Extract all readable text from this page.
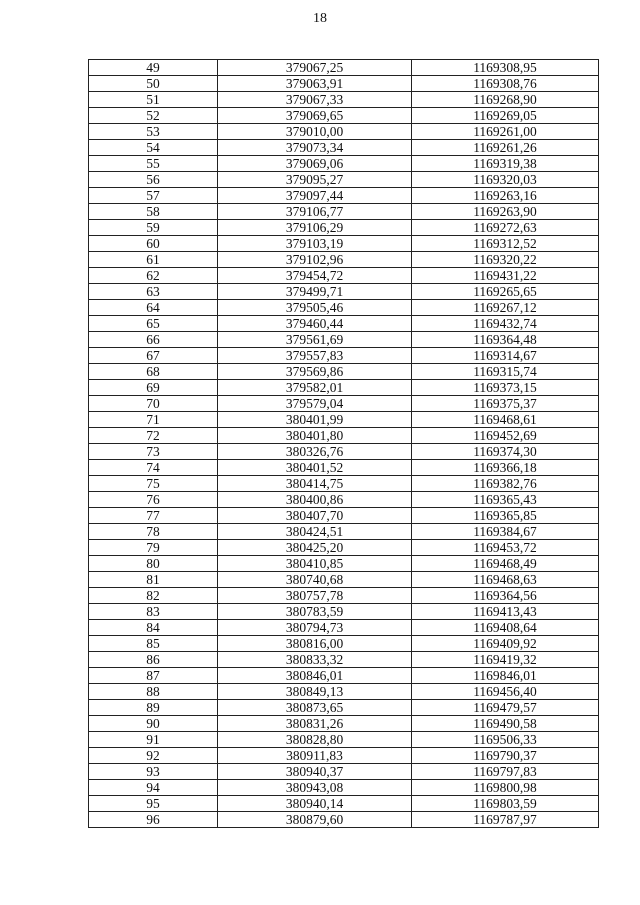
18
49	379067,25	1169308,95
50	379063,91	1169308,76
51	379067,33	1169268,90
52	379069,65	1169269,05
53	379010,00	1169261,00
54	379073,34	1169261,26
55	379069,06	1169319,38
56	379095,27	1169320,03
57	379097,44	1169263,16
58	379106,77	1169263,90
59	379106,29	1169272,63
60	379103,19	1169312,52
61	379102,96	1169320,22
62	379454,72	1169431,22
63	379499,71	1169265,65
64	379505,46	1169267,12
65	379460,44	1169432,74
66	379561,69	1169364,48
67	379557,83	1169314,67
68	379569,86	1169315,74
69	379582,01	1169373,15
70	379579,04	1169375,37
71	380401,99	1169468,61
72	380401,80	1169452,69
73	380326,76	1169374,30
74	380401,52	1169366,18
75	380414,75	1169382,76
76	380400,86	1169365,43
77	380407,70	1169365,85
78	380424,51	1169384,67
79	380425,20	1169453,72
80	380410,85	1169468,49
81	380740,68	1169468,63
82	380757,78	1169364,56
83	380783,59	1169413,43
84	380794,73	1169408,64
85	380816,00	1169409,92
86	380833,32	1169419,32
87	380846,01	1169846,01
88	380849,13	1169456,40
89	380873,65	1169479,57
90	380831,26	1169490,58
91	380828,80	1169506,33
92	380911,83	1169790,37
93	380940,37	1169797,83
94	380943,08	1169800,98
95	380940,14	1169803,59
96	380879,60	1169787,97
